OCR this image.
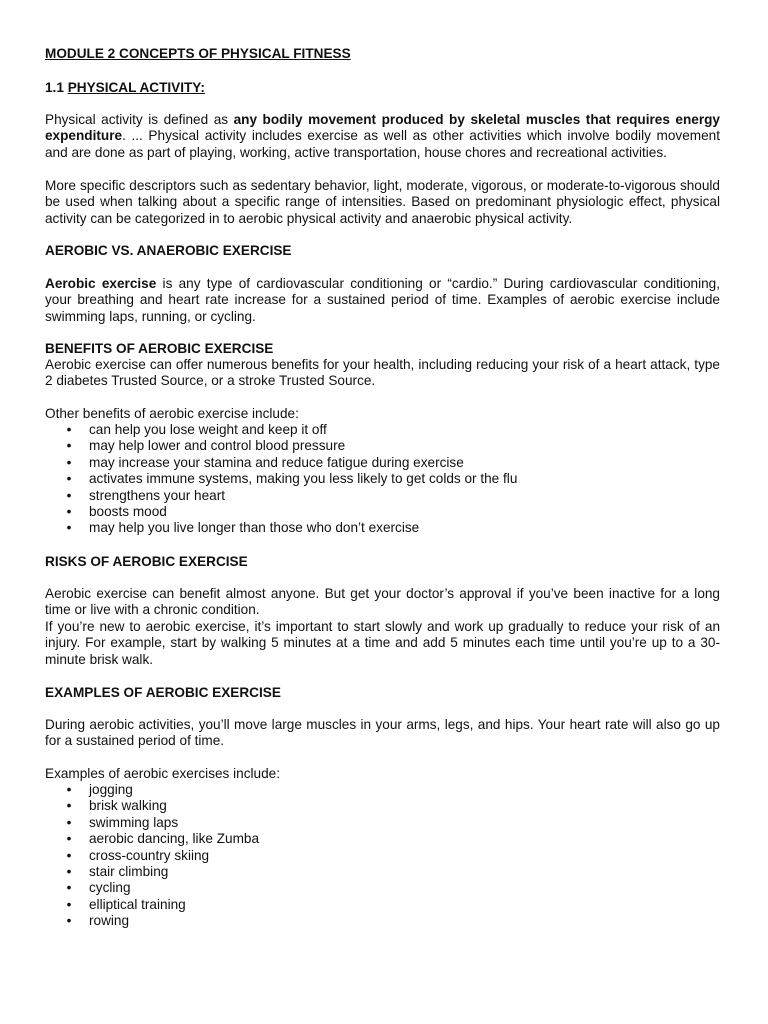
MODULE 2 CONCEPTS OF PHYSICAL FITNESS
1.1 PHYSICAL ACTIVITY:

Physical activity is defined as any bodily movement produced by skeletal muscles that requires energy expenditure. ... Physical activity includes exercise as well as other activities which involve bodily movement and are done as part of playing, working, active transportation, house chores and recreational activities.

More specific descriptors such as sedentary behavior, light, moderate, vigorous, or moderate-to-vigorous should be used when talking about a specific range of intensities. Based on predominant physiologic effect, physical activity can be categorized in to aerobic physical activity and anaerobic physical activity.

AEROBIC VS. ANAEROBIC EXERCISE

Aerobic exercise is any type of cardiovascular conditioning or “cardio.” During cardiovascular conditioning, your breathing and heart rate increase for a sustained period of time. Examples of aerobic exercise include swimming laps, running, or cycling.

BENEFITS OF AEROBIC EXERCISE

Aerobic exercise can offer numerous benefits for your health, including reducing your risk of a heart attack, type 2 diabetes Trusted Source, or a stroke Trusted Source.

Other benefits of aerobic exercise include:

• can help you lose weight and keep it off
• may help lower and control blood pressure
• may increase your stamina and reduce fatigue during exercise
• activates immune systems, making you less likely to get colds or the flu
• strengthens your heart
• boosts mood
• may help you live longer than those who don’t exercise
RISKS OF AEROBIC EXERCISE

Aerobic exercise can benefit almost anyone. But get your doctor’s approval if you’ve been inactive for a long time or live with a chronic condition.

If you’re new to aerobic exercise, it’s important to start slowly and work up gradually to reduce your risk of an injury. For example, start by walking 5 minutes at a time and add 5 minutes each time until you’re up to a 30-minute brisk walk.

EXAMPLES OF AEROBIC EXERCISE

During aerobic activities, you’ll move large muscles in your arms, legs, and hips. Your heart rate will also go up for a sustained period of time.

Examples of aerobic exercises include:

• jogging
• brisk walking
• swimming laps
• aerobic dancing, like Zumba
• cross-country skiing
• stair climbing
• cycling
• elliptical training
• rowing
